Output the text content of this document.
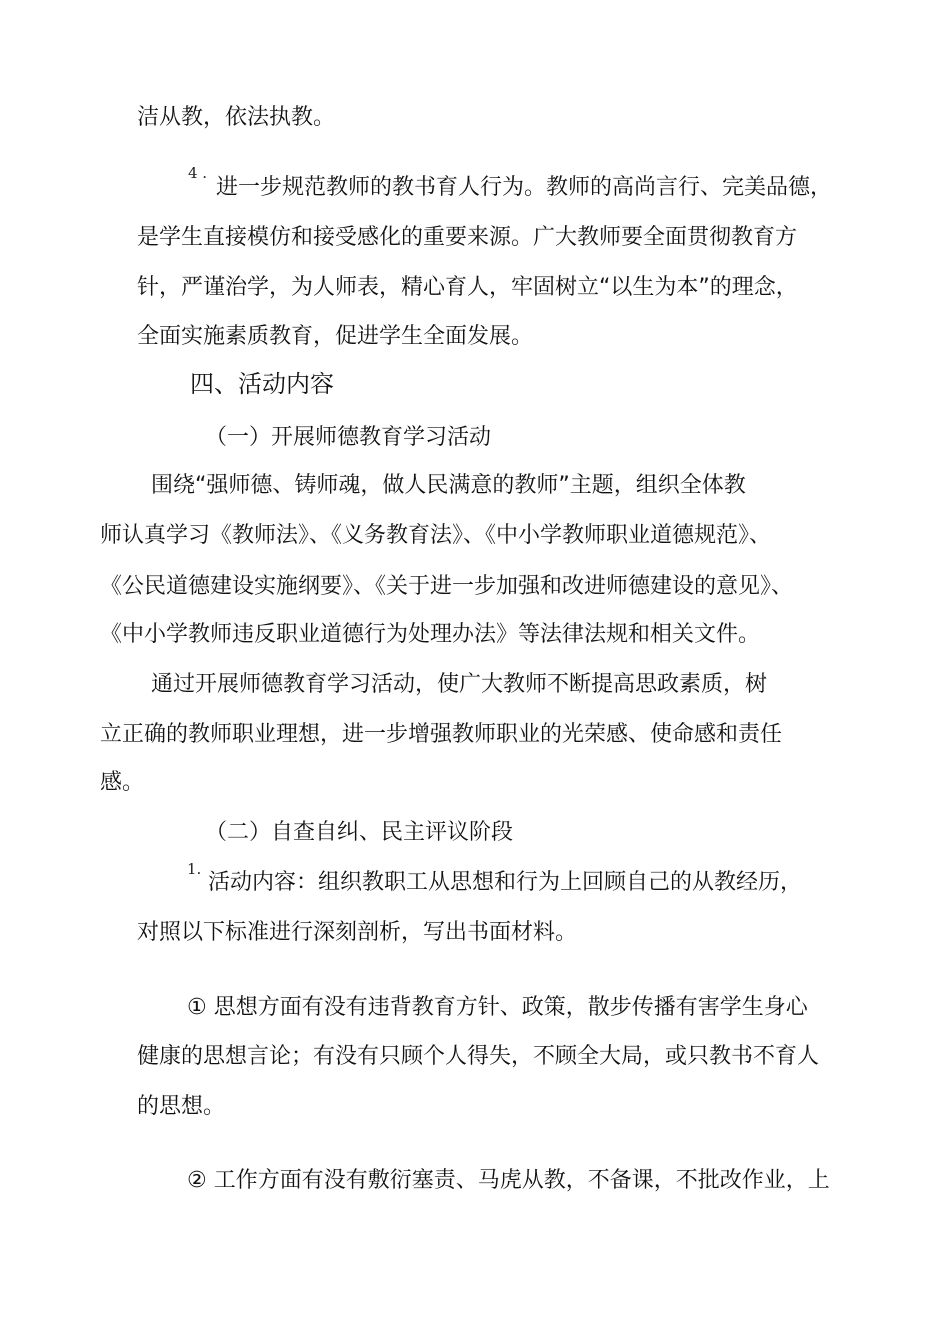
洁从教，依法执教。
4 .
进一步规范教师的教书育人行为。教师的高尚言行、完美品德，
是学生直接模仿和接受感化的重要来源。广大教师要全面贯彻教育方
针，严谨治学，为人师表，精心育人，牢固树立“以生为本”的理念，
全面实施素质教育，促进学生全面发展。
四、活动内容
（一）开展师德教育学习活动
围绕“强师德、铸师魂，做人民满意的教师”主题，组织全体教
师认真学习《教师法》、《义务教育法》、《中小学教师职业道德规范》、
《公民道德建设实施纲要》、《关于进一步加强和改进师德建设的意见》、
《中小学教师违反职业道德行为处理办法》等法律法规和相关文件。
通过开展师德教育学习活动，使广大教师不断提高思政素质，树
立正确的教师职业理想，进一步增强教师职业的光荣感、使命感和责任
感。
（二）自查自纠、民主评议阶段
1.
活动内容：组织教职工从思想和行为上回顾自己的从教经历，
对照以下标准进行深刻剖析，写出书面材料。
① 思想方面有没有违背教育方针、政策，散步传播有害学生身心
健康的思想言论；有没有只顾个人得失，不顾全大局，或只教书不育人
的思想。
② 工作方面有没有敷衍塞责、马虎从教，不备课，不批改作业，上
